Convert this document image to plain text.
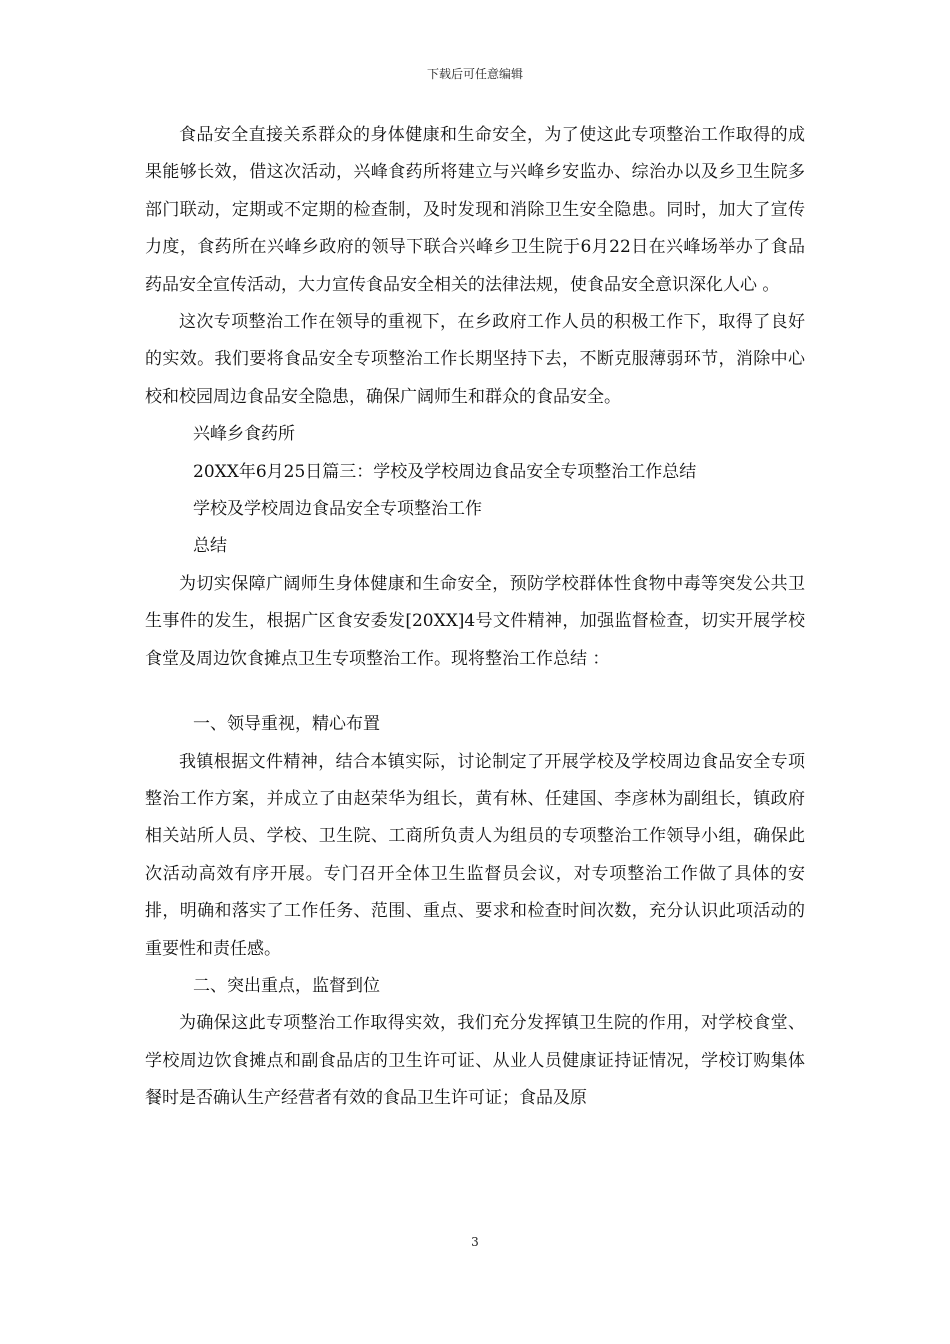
下载后可任意编辑

食品安全直接关系群众的身体健康和生命安全，为了使这此专项整治工作取得的成果能够长效，借这次活动，兴峰食药所将建立与兴峰乡安监办、综治办以及乡卫生院多部门联动，定期或不定期的检查制，及时发现和消除卫生安全隐患。同时，加大了宣传力度，食药所在兴峰乡政府的领导下联合兴峰乡卫生院于6月22日在兴峰场举办了食品药品安全宣传活动，大力宣传食品安全相关的法律法规，使食品安全意识深化人心 。

这次专项整治工作在领导的重视下，在乡政府工作人员的积极工作下，取得了良好的实效。我们要将食品安全专项整治工作长期坚持下去，不断克服薄弱环节，消除中心校和校园周边食品安全隐患，确保广阔师生和群众的食品安全。

兴峰乡食药所

20XX年6月25日篇三：学校及学校周边食品安全专项整治工作总结

学校及学校周边食品安全专项整治工作

总结

为切实保障广阔师生身体健康和生命安全，预防学校群体性食物中毒等突发公共卫生事件的发生，根据广区食安委发[20XX]4号文件精神，加强监督检查，切实开展学校食堂及周边饮食摊点卫生专项整治工作。现将整治工作总结 ：

一、领导重视，精心布置

我镇根据文件精神，结合本镇实际，讨论制定了开展学校及学校周边食品安全专项整治工作方案，并成立了由赵荣华为组长，黄有林、任建国、李彦林为副组长，镇政府相关站所人员、学校、卫生院、工商所负责人为组员的专项整治工作领导小组，确保此次活动高效有序开展。专门召开全体卫生监督员会议，对专项整治工作做了具体的安排，明确和落实了工作任务、范围、重点、要求和检查时间次数，充分认识此项活动的重要性和责任感。

二、突出重点，监督到位

为确保这此专项整治工作取得实效，我们充分发挥镇卫生院的作用，对学校食堂、学校周边饮食摊点和副食品店的卫生许可证、从业人员健康证持证情况，学校订购集体餐时是否确认生产经营者有效的食品卫生许可证；食品及原

3
